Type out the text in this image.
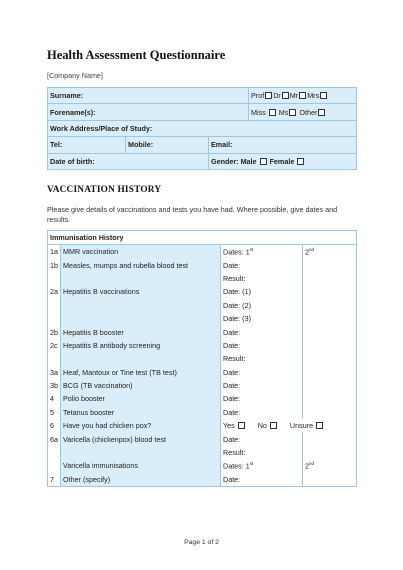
Health Assessment Questionnaire
[Company Name]
Surname:			Prof Dr Mr Mrs
Forename(s):			Miss Ms Other
Work Address/Place of Study:			
Tel:	Mobile:	Email:	
Date of birth:		Gender: Male Female	
VACCINATION HISTORY
Please give details of vaccinations and tests you have had. Where possible, give dates and results.
Immunisation History			
1a	MMR vaccination	Dates: 1st	2nd
1b	Measles, mumps and rubella blood test	Date:	
		Result:	
2a	Hepatitis B vaccinations	Date: (1)	
		Date: (2)	
		Date: (3)	
2b	Hepatitis B booster	Date:	
2c	Hepatitis B antibody screening	Date:	
		Result:	
3a	Heaf, Mantoux or Tine test (TB test)	Date:	
3b	BCG (TB vaccination)	Date:	
4	Polio booster	Date:	
5	Tetanus booster	Date:	
6	Have you had chicken pox?	Yes No Unsure	
6a	Varicella (chickenpox) blood test	Date:	
		Result:	
	Varicella immunisations	Dates: 1st	2nd
7	Other (specify)	Date:	
Page 1 of 2
